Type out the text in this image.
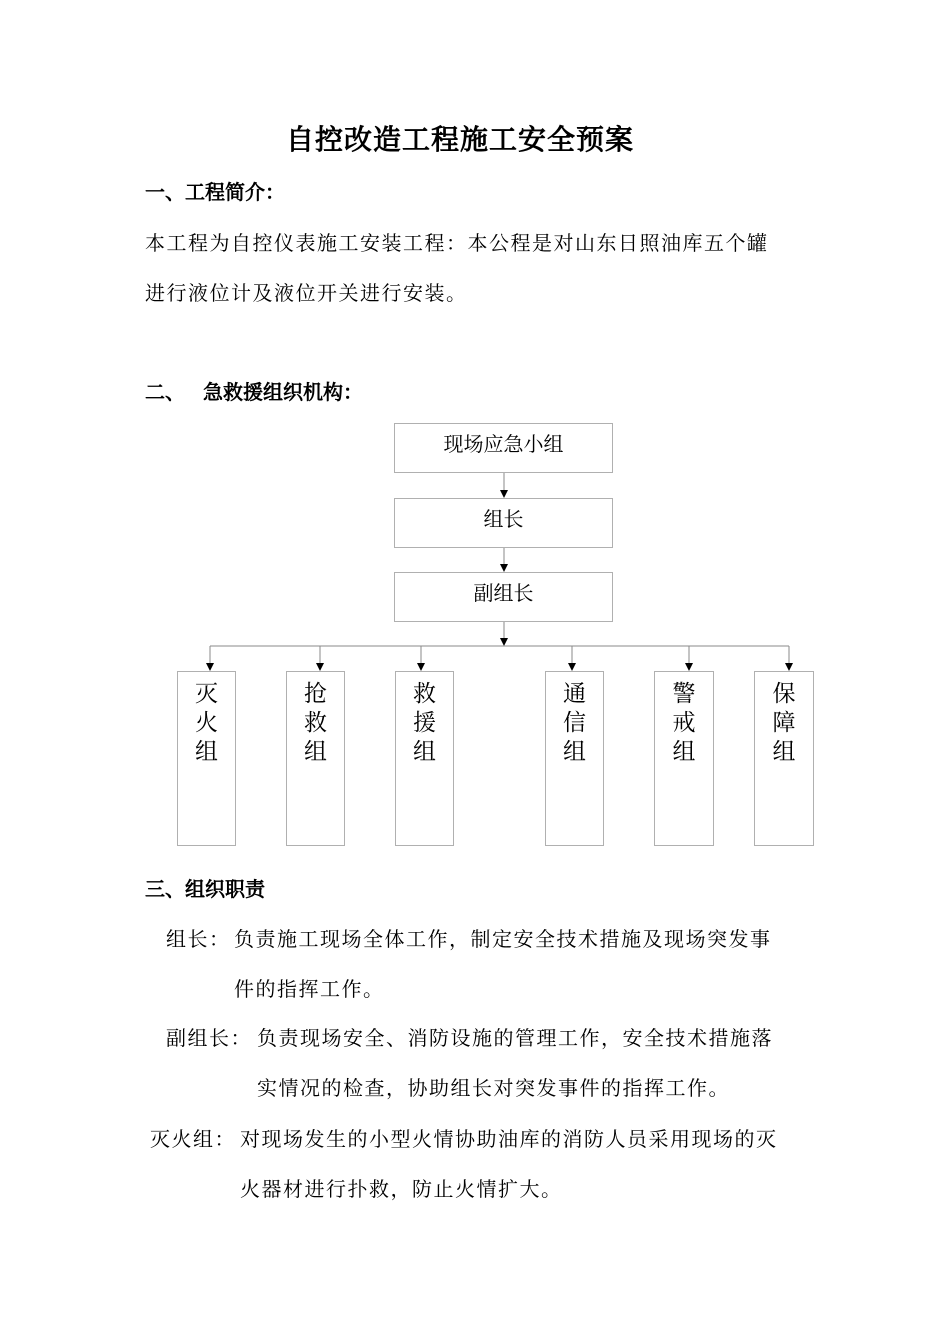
自控改造工程施工安全预案
一、工程简介：
本工程为自控仪表施工安装工程：本公程是对山东日照油库五个罐
进行液位计及液位开关进行安装。
二、 急救援组织机构：
现场应急小组
组长
副组长
灭
火
组
抢
救
组
救
援
组
通
信
组
警
戒
组
保
障
组
三、组织职责
组长： 负责施工现场全体工作，制定安全技术措施及现场突发事
件的指挥工作。
副组长： 负责现场安全、消防设施的管理工作，安全技术措施落
实情况的检查，协助组长对突发事件的指挥工作。
灭火组： 对现场发生的小型火情协助油库的消防人员采用现场的灭
火器材进行扑救，防止火情扩大。
